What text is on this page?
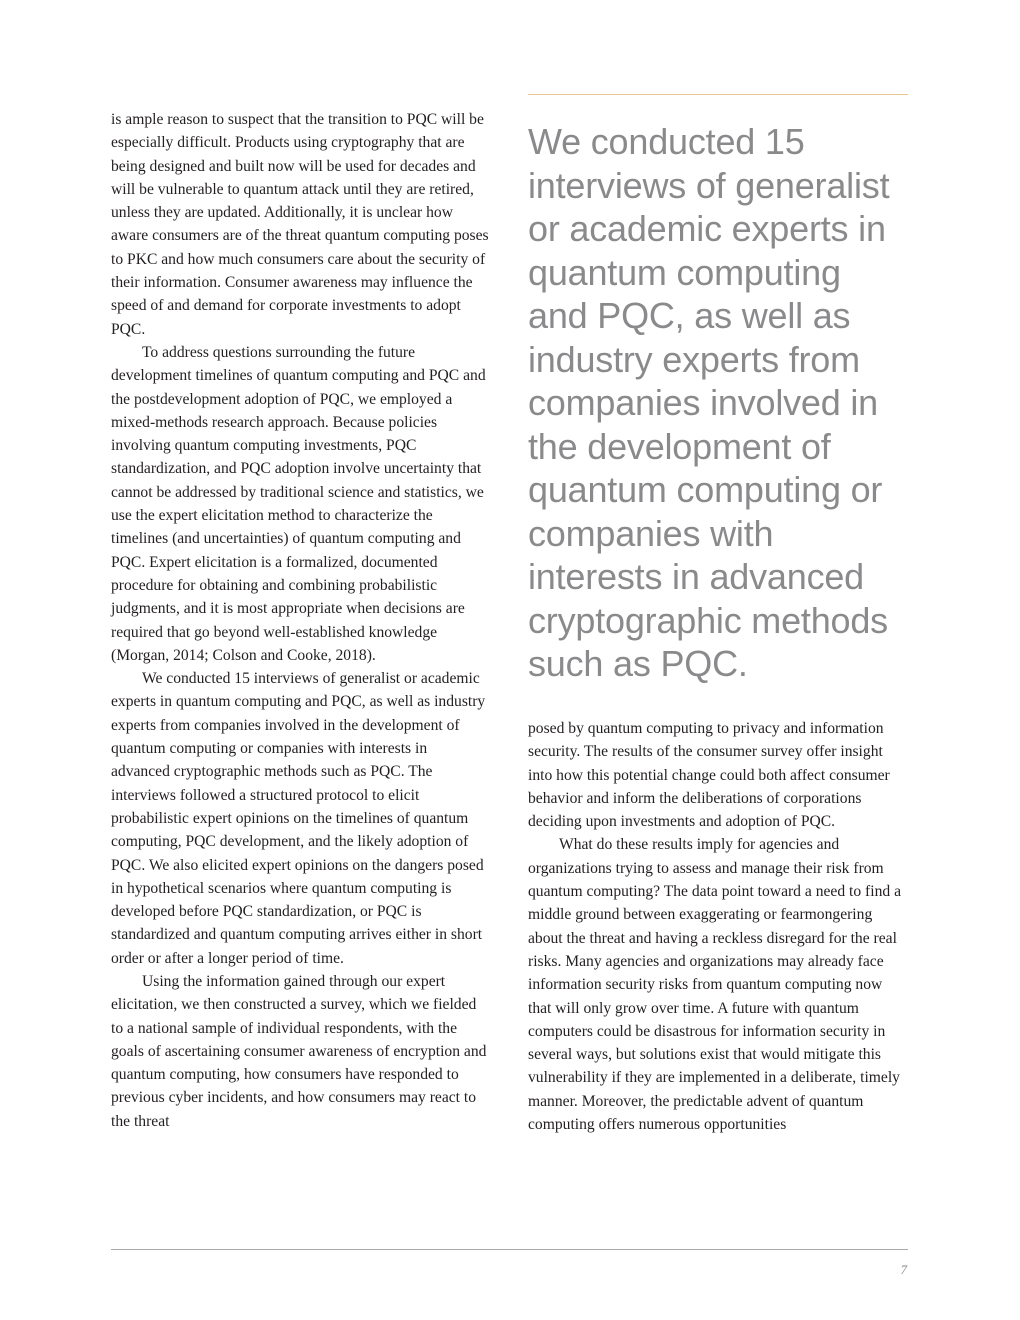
is ample reason to suspect that the transition to PQC will be especially difficult. Products using cryptography that are being designed and built now will be used for decades and will be vulnerable to quantum attack until they are retired, unless they are updated. Additionally, it is unclear how aware consumers are of the threat quantum computing poses to PKC and how much consumers care about the security of their information. Consumer awareness may influence the speed of and demand for corporate investments to adopt PQC.

To address questions surrounding the future development timelines of quantum computing and PQC and the postdevelopment adoption of PQC, we employed a mixed-methods research approach. Because policies involving quantum computing investments, PQC standardization, and PQC adoption involve uncertainty that cannot be addressed by traditional science and statistics, we use the expert elicitation method to characterize the timelines (and uncertainties) of quantum computing and PQC. Expert elicitation is a formalized, documented procedure for obtaining and combining probabilistic judgments, and it is most appropriate when decisions are required that go beyond well-established knowledge (Morgan, 2014; Colson and Cooke, 2018).

We conducted 15 interviews of generalist or academic experts in quantum computing and PQC, as well as industry experts from companies involved in the development of quantum computing or companies with interests in advanced cryptographic methods such as PQC. The interviews followed a structured protocol to elicit probabilistic expert opinions on the timelines of quantum computing, PQC development, and the likely adoption of PQC. We also elicited expert opinions on the dangers posed in hypothetical scenarios where quantum computing is developed before PQC standardization, or PQC is standardized and quantum computing arrives either in short order or after a longer period of time.

Using the information gained through our expert elicitation, we then constructed a survey, which we fielded to a national sample of individual respondents, with the goals of ascertaining consumer awareness of encryption and quantum computing, how consumers have responded to previous cyber incidents, and how consumers may react to the threat

We conducted 15 interviews of generalist or academic experts in quantum computing and PQC, as well as industry experts from companies involved in the development of quantum computing or companies with interests in advanced cryptographic methods such as PQC.

posed by quantum computing to privacy and information security. The results of the consumer survey offer insight into how this potential change could both affect consumer behavior and inform the deliberations of corporations deciding upon investments and adoption of PQC.

What do these results imply for agencies and organizations trying to assess and manage their risk from quantum computing? The data point toward a need to find a middle ground between exaggerating or fearmongering about the threat and having a reckless disregard for the real risks. Many agencies and organizations may already face information security risks from quantum computing now that will only grow over time. A future with quantum computers could be disastrous for information security in several ways, but solutions exist that would mitigate this vulnerability if they are implemented in a deliberate, timely manner. Moreover, the predictable advent of quantum computing offers numerous opportunities

7
